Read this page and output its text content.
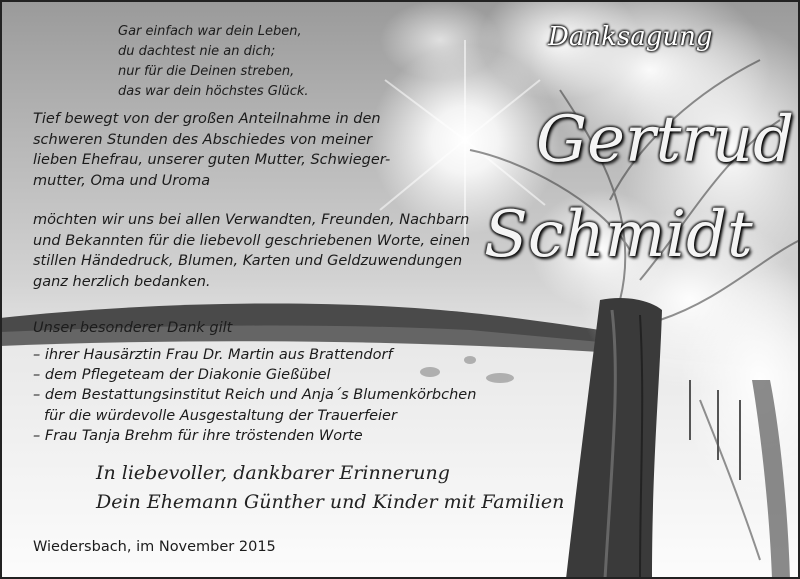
Gar einfach war dein Leben,
du dachtest nie an dich;
nur für die Deinen streben,
das war dein höchstes Glück.
Danksagung
Gertrud
Schmidt
Tief bewegt von der großen Anteilnahme in den
schweren Stunden des Abschiedes von meiner
lieben Ehefrau, unserer guten Mutter, Schwieger-
mutter, Oma und Uroma
möchten wir uns bei allen Verwandten, Freunden, Nachbarn
und Bekannten für die liebevoll geschriebenen Worte, einen
stillen Händedruck, Blumen, Karten und Geldzuwendungen
ganz herzlich bedanken.
Unser besonderer Dank gilt
– ihrer Hausärztin Frau Dr. Martin aus Brattendorf
– dem Pflegeteam der Diakonie Gießübel
– dem Bestattungsinstitut Reich und Anja´s Blumenkörbchen
für die würdevolle Ausgestaltung der Trauerfeier
– Frau Tanja Brehm für ihre tröstenden Worte
In liebevoller, dankbarer Erinnerung
Dein Ehemann Günther und Kinder mit Familien
Wiedersbach, im November 2015
